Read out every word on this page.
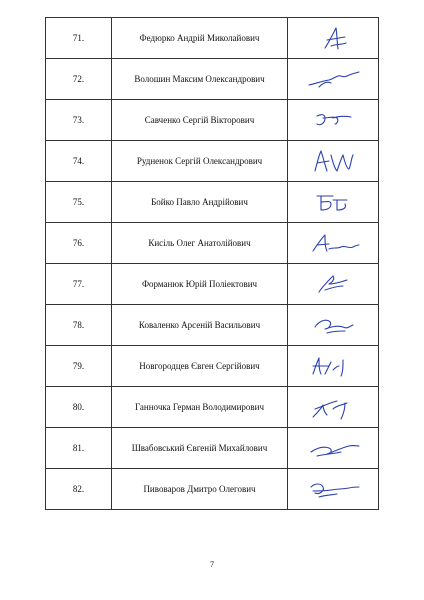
71.	Федюрко Андрій Миколайович	

72.	Волошин Максим Олександрович	

73.	Савченко Сергій Вікторович	

74.	Рудненок Сергій Олександрович	

75.	Бойко Павло Андрійович	

76.	Кисіль Олег Анатолійович	

77.	Форманюк Юрій Поліектович	

78.	Коваленко Арсеній Васильович	

79.	Новгородцев Євген Сергійович	

80.	Ганночка Герман Володимирович	

81.	Швабовський Євгеній Михайлович	

82.	Пивоваров Дмитро Олегович	
7
